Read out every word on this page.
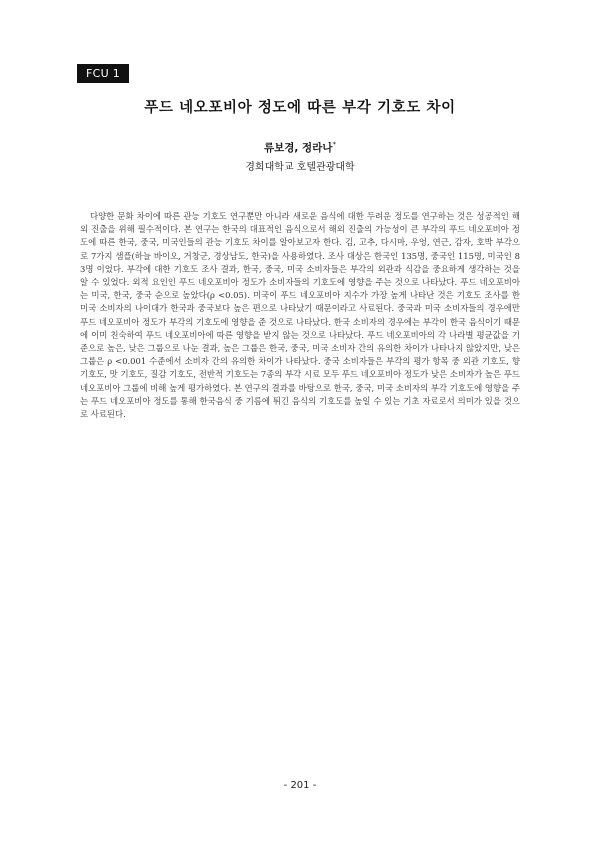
FCU 1
푸드 네오포비아 정도에 따른 부각 기호도 차이
류보경, 정라나*
경희대학교 호텔관광대학

다양한 문화 차이에 따른 관능 기호도 연구뿐만 아니라 새로운 음식에 대한 두려운 정도를 연구하는 것은 성공적인 해외 진출을 위해 필수적이다. 본 연구는 한국의 대표적인 음식으로서 해외 진출의 가능성이 큰 부각의 푸드 네오포비아 정도에 따른 한국, 중국, 미국인들의 관능 기호도 차이를 알아보고자 한다. 김, 고추, 다시마, 우엉, 연근, 감자, 호박 부각으로 7가지 샘플(하늘 바이오, 거창군, 경상남도, 한국)을 사용하였다. 조사 대상은 한국인 135명, 중국인 115명, 미국인 83명 이었다. 부각에 대한 기호도 조사 결과, 한국, 중국, 미국 소비자들은 부각의 외관과 식감을 중요하게 생각하는 것을 알 수 있었다. 외적 요인인 푸드 네오포비아 정도가 소비자들의 기호도에 영향을 주는 것으로 나타났다. 푸드 네오포비아는 미국, 한국, 중국 순으로 높았다(ρ <0.05). 미국이 푸드 네오포비아 지수가 가장 높게 나타난 것은 기호도 조사를 한 미국 소비자의 나이대가 한국과 중국보다 높은 편으로 나타났기 때문이라고 사료된다. 중국과 미국 소비자들의 경우에만 푸드 네오포비아 정도가 부각의 기호도에 영향을 준 것으로 나타났다. 한국 소비자의 경우에는 부각이 한국 음식이기 때문에 이미 친숙하여 푸드 네오포비아에 따른 영향을 받지 않는 것으로 나타났다. 푸드 네오포비아의 각 나라별 평균값을 기준으로 높은, 낮은 그룹으로 나눈 결과, 높은 그룹은 한국, 중국, 미국 소비자 간의 유의한 차이가 나타나지 않았지만, 낮은 그룹은 ρ <0.001 수준에서 소비자 간의 유의한 차이가 나타났다. 중국 소비자들은 부각의 평가 항목 중 외관 기호도, 향 기호도, 맛 기호도, 질감 기호도, 전반적 기호도는 7종의 부각 시료 모두 푸드 네오포비아 정도가 낮은 소비자가 높은 푸드 네오포비아 그룹에 비해 높게 평가하였다. 본 연구의 결과를 바탕으로 한국, 중국, 미국 소비자의 부각 기호도에 영향을 주는 푸드 네오포비아 정도를 통해 한국음식 중 기름에 튀긴 음식의 기호도를 높일 수 있는 기초 자료로서 의미가 있을 것으로 사료된다.

- 201 -
